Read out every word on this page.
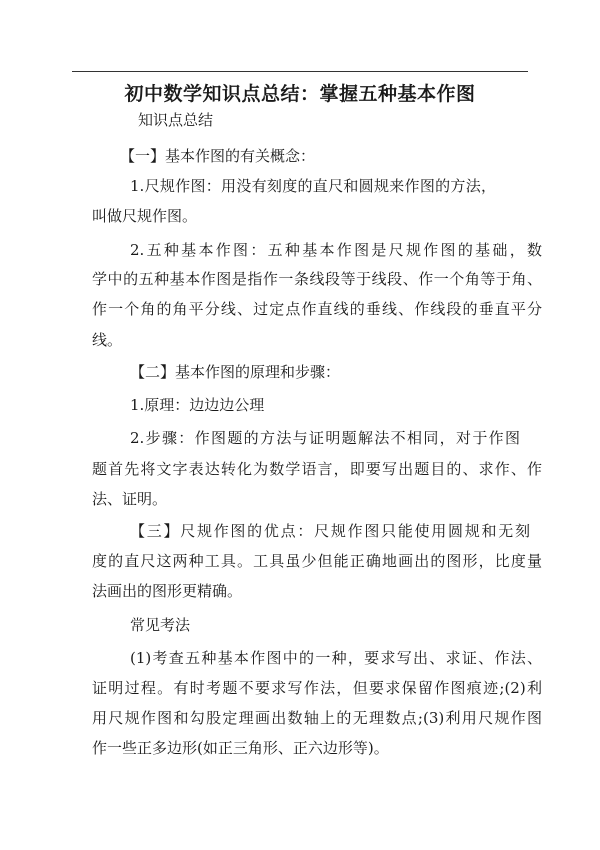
初中数学知识点总结：掌握五种基本作图
知识点总结
【一】基本作图的有关概念：
1.尺规作图：用没有刻度的直尺和圆规来作图的方法，
叫做尺规作图。
2.五种基本作图：五种基本作图是尺规作图的基础，数
学中的五种基本作图是指作一条线段等于线段、作一个角等于角、
作一个角的角平分线、过定点作直线的垂线、作线段的垂直平分
线。
【二】基本作图的原理和步骤：
1.原理：边边边公理
2.步骤：作图题的方法与证明题解法不相同，对于作图
题首先将文字表达转化为数学语言，即要写出题目的、求作、作
法、证明。
【三】尺规作图的优点：尺规作图只能使用圆规和无刻
度的直尺这两种工具。工具虽少但能正确地画出的图形，比度量
法画出的图形更精确。
常见考法
(1)考查五种基本作图中的一种，要求写出、求证、作法、
证明过程。有时考题不要求写作法，但要求保留作图痕迹;(2)利
用尺规作图和勾股定理画出数轴上的无理数点;(3)利用尺规作图
作一些正多边形(如正三角形、正六边形等)。
